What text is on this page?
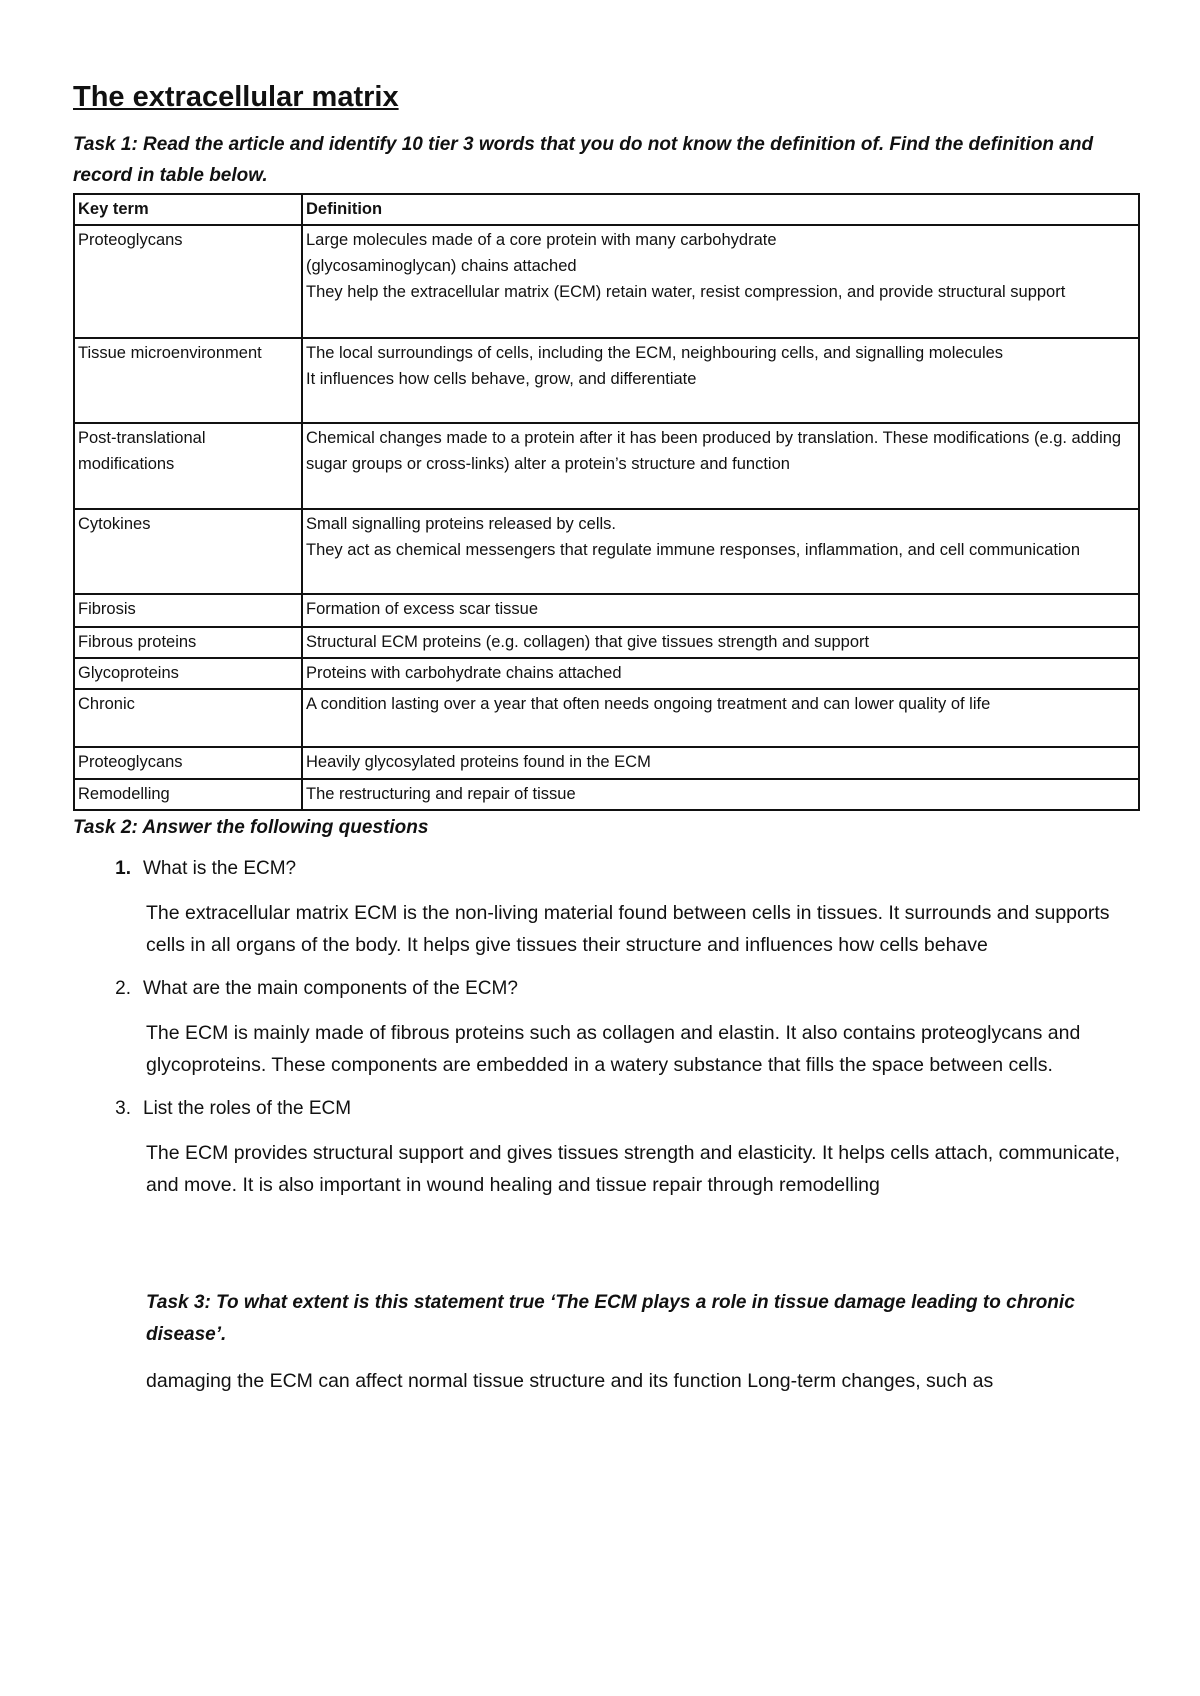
The extracellular matrix

Task 1: Read the article and identify 10 tier 3 words that you do not know the definition of. Find the definition and record in table below.

Key term	Definition
Proteoglycans	Large molecules made of a core protein with many carbohydrate
(glycosaminoglycan) chains attached
They help the extracellular matrix (ECM) retain water, resist compression, and provide structural support

Tissue microenvironment	The local surroundings of cells, including the ECM, neighbouring cells, and signalling molecules
It influences how cells behave, grow, and differentiate

Post-translational modifications	Chemical changes made to a protein after it has been produced by translation. These modifications (e.g. adding sugar groups or cross-links) alter a protein’s structure and function

Cytokines	Small signalling proteins released by cells.
They act as chemical messengers that regulate immune responses, inflammation, and cell communication

Fibrosis	Formation of excess scar tissue

Fibrous proteins	Structural ECM proteins (e.g. collagen) that give tissues strength and support

Glycoproteins	Proteins with carbohydrate chains attached

Chronic	A condition lasting over a year that often needs ongoing treatment and can lower quality of life

Proteoglycans	Heavily glycosylated proteins found in the ECM

Remodelling	The restructuring and repair of tissue

Task 2: Answer the following questions

1. What is the ECM?

The extracellular matrix ECM is the non-living material found between cells in tissues. It surrounds and supports cells in all organs of the body. It helps give tissues their structure and influences how cells behave

2. What are the main components of the ECM?

The ECM is mainly made of fibrous proteins such as collagen and elastin. It also contains proteoglycans and glycoproteins. These components are embedded in a watery substance that fills the space between cells.

3. List the roles of the ECM

The ECM provides structural support and gives tissues strength and elasticity. It helps cells attach, communicate, and move. It is also important in wound healing and tissue repair through remodelling

Task 3: To what extent is this statement true ‘The ECM plays a role in tissue damage leading to chronic disease’.

damaging the ECM can affect normal tissue structure and its function Long-term changes, such as
